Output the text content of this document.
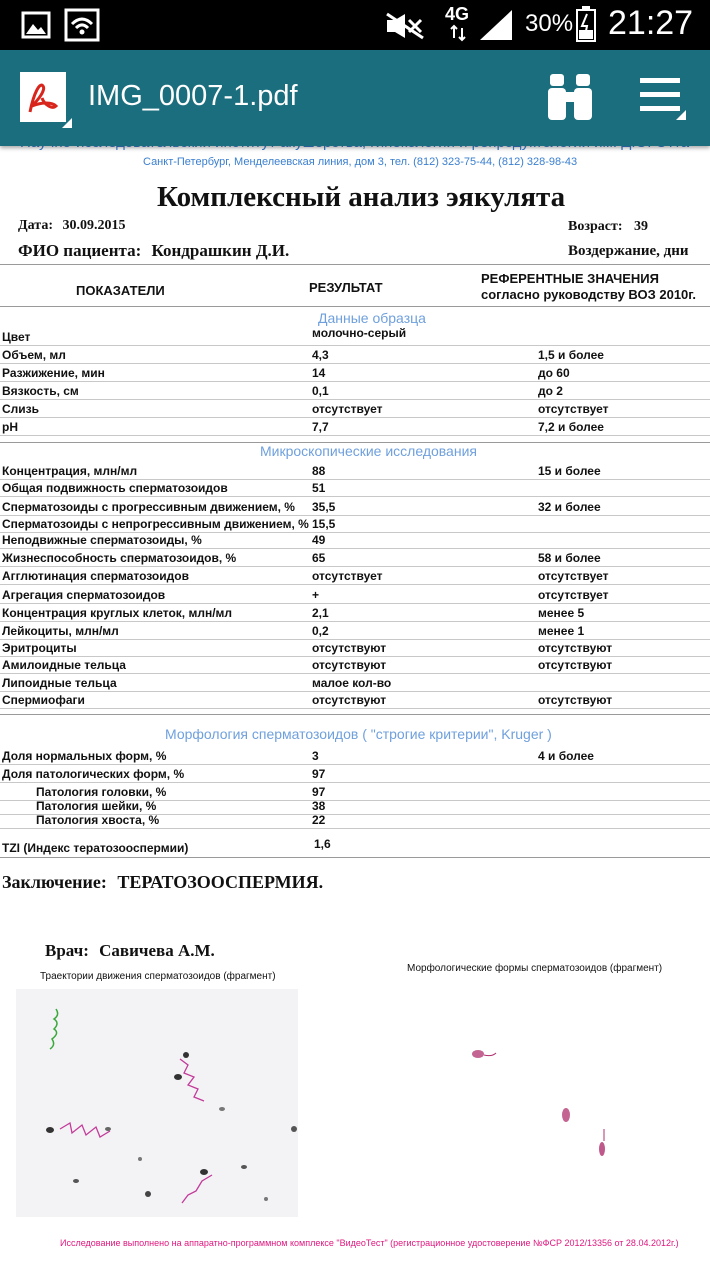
4G 30% 21:27
IMG_0007-1.pdf
Санкт-Петербург, Менделеевская линия, дом 3, тел. (812) 323-75-44, (812) 328-98-43
Комплексный анализ эякулята
Дата: 30.09.2015	Возраст: 39
ФИО пациента: Кондрашкин Д.И.	Воздержание, дни
ПОКАЗАТЕЛИ	РЕЗУЛЬТАТ
РЕФЕРЕНТНЫЕ ЗНАЧЕНИЯ
согласно руководству ВОЗ 2010г.
Данные образца
Цвет	молочно-серый
Объем, мл	4,3	1,5 и более
Разжижение, мин	14	до 60
Вязкость, см	0,1	до 2
Слизь	отсутствует	отсутствует
pH	7,7	7,2 и более
Микроскопические исследования
Концентрация, млн/мл	88	15 и более
Общая подвижность сперматозоидов	51
Сперматозоиды с прогрессивным движением, % 35,5	32 и более
Сперматозоиды с непрогрессивным движением, % 15,5
Неподвижные сперматозоиды, %	49
Жизнеспособность сперматозоидов, %	65	58 и более
Агглютинация сперматозоидов	отсутствует	отсутствует
Агрегация сперматозоидов	+	отсутствует
Концентрация круглых клеток, млн/мл	2,1	менее 5
Лейкоциты, млн/мл	0,2	менее 1
Эритроциты	отсутствуют	отсутствуют
Амилоидные тельца	отсутствуют	отсутствуют
Липоидные тельца	малое кол-во
Спермиофаги	отсутствуют	отсутствуют
Морфология сперматозоидов ( "строгие критерии", Kruger )
Доля нормальных форм, %	3	4 и более
Доля патологических форм, %	97
Патология головки, %	97
Патология шейки, %	38
Патология хвоста, %	22
TZI (Индекс тератозооспермии)	1,6
Заключение: ТЕРАТОЗООСПЕРМИЯ.
Врач: Савичева А.М.
Траектории движения сперматозоидов (фрагмент)
Морфологические формы сперматозоидов (фрагмент)
Исследование выполнено на аппаратно-программном комплексе "ВидеоТест" (регистрационное удостоверение №ФСР 2012/13356 от 28.04.2012г.)
